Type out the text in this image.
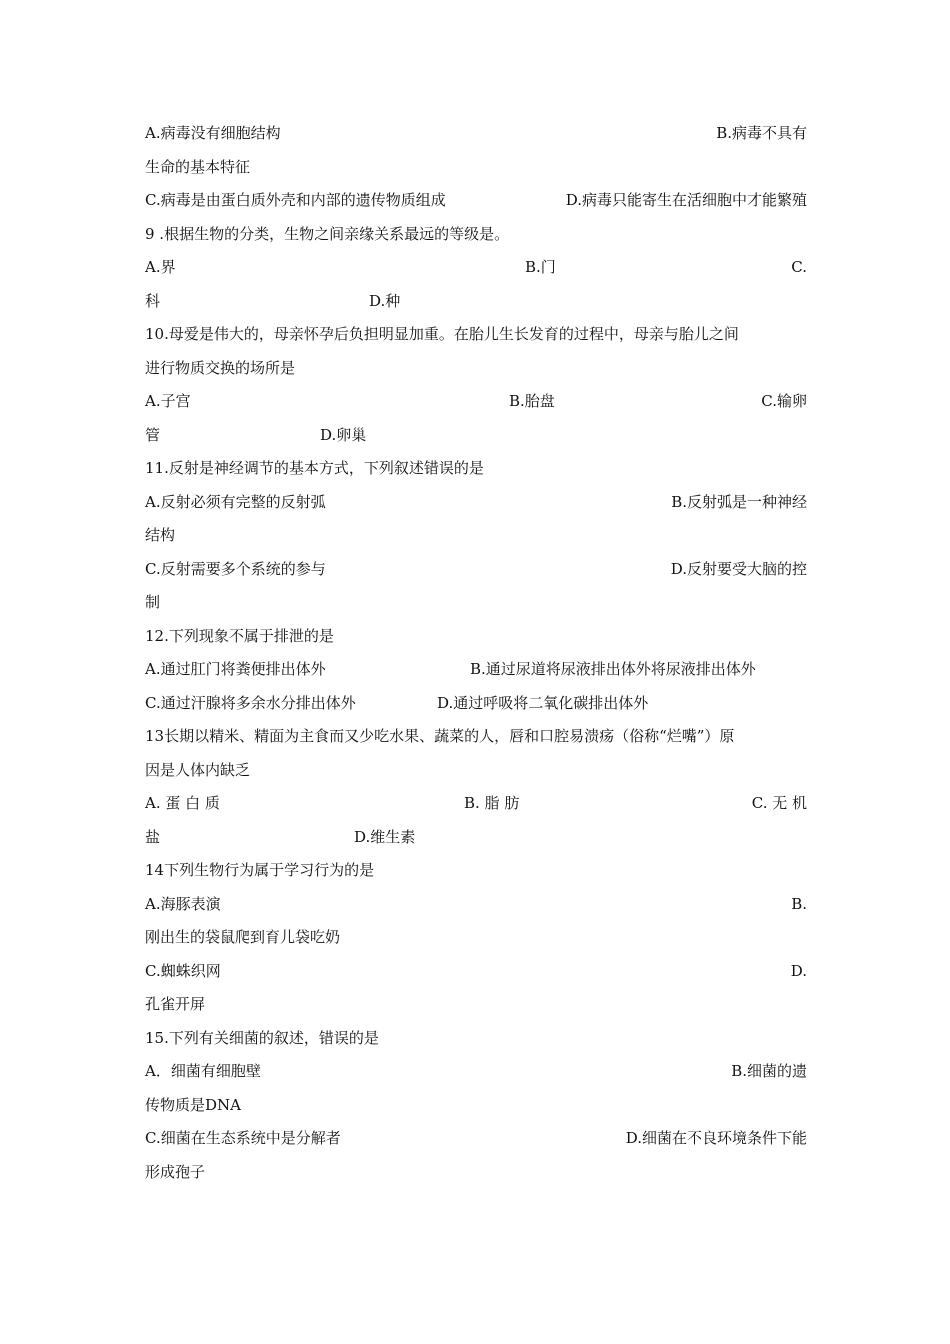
A.病毒没有细胞结构	B.病毒不具有
生命的基本特征
C.病毒是由蛋白质外壳和内部的遗传物质组成	D.病毒只能寄生在活细胞中才能繁殖
9 .根据生物的分类，生物之间亲缘关系最远的等级是。
A.界	B.门	C.
科	D.种
10.母爱是伟大的，母亲怀孕后负担明显加重。在胎儿生长发育的过程中，母亲与胎儿之间
进行物质交换的场所是
A.子宫	B.胎盘	C.输卵
管	D.卵巢
11.反射是神经调节的基本方式，下列叙述错误的是
A.反射必须有完整的反射弧	B.反射弧是一种神经
结构
C.反射需要多个系统的参与	D.反射要受大脑的控
制
12.下列现象不属于排泄的是
A.通过肛门将粪便排出体外	B.通过尿道将尿液排出体外将尿液排出体外
C.通过汗腺将多余水分排出体外	D.通过呼吸将二氧化碳排出体外
13长期以精米、精面为主食而又少吃水果、蔬菜的人，唇和口腔易溃疡（俗称“烂嘴”）原
因是人体内缺乏
A. 蛋 白 质	B. 脂 肪	C. 无 机
盐	D.维生素
14下列生物行为属于学习行为的是
A.海豚表演	B.
刚出生的袋鼠爬到育儿袋吃奶
C.蜘蛛织网	D.
孔雀开屏
15.下列有关细菌的叙述，错误的是
A．细菌有细胞壁	B.细菌的遗
传物质是DNA
C.细菌在生态系统中是分解者	D.细菌在不良环境条件下能
形成孢子
